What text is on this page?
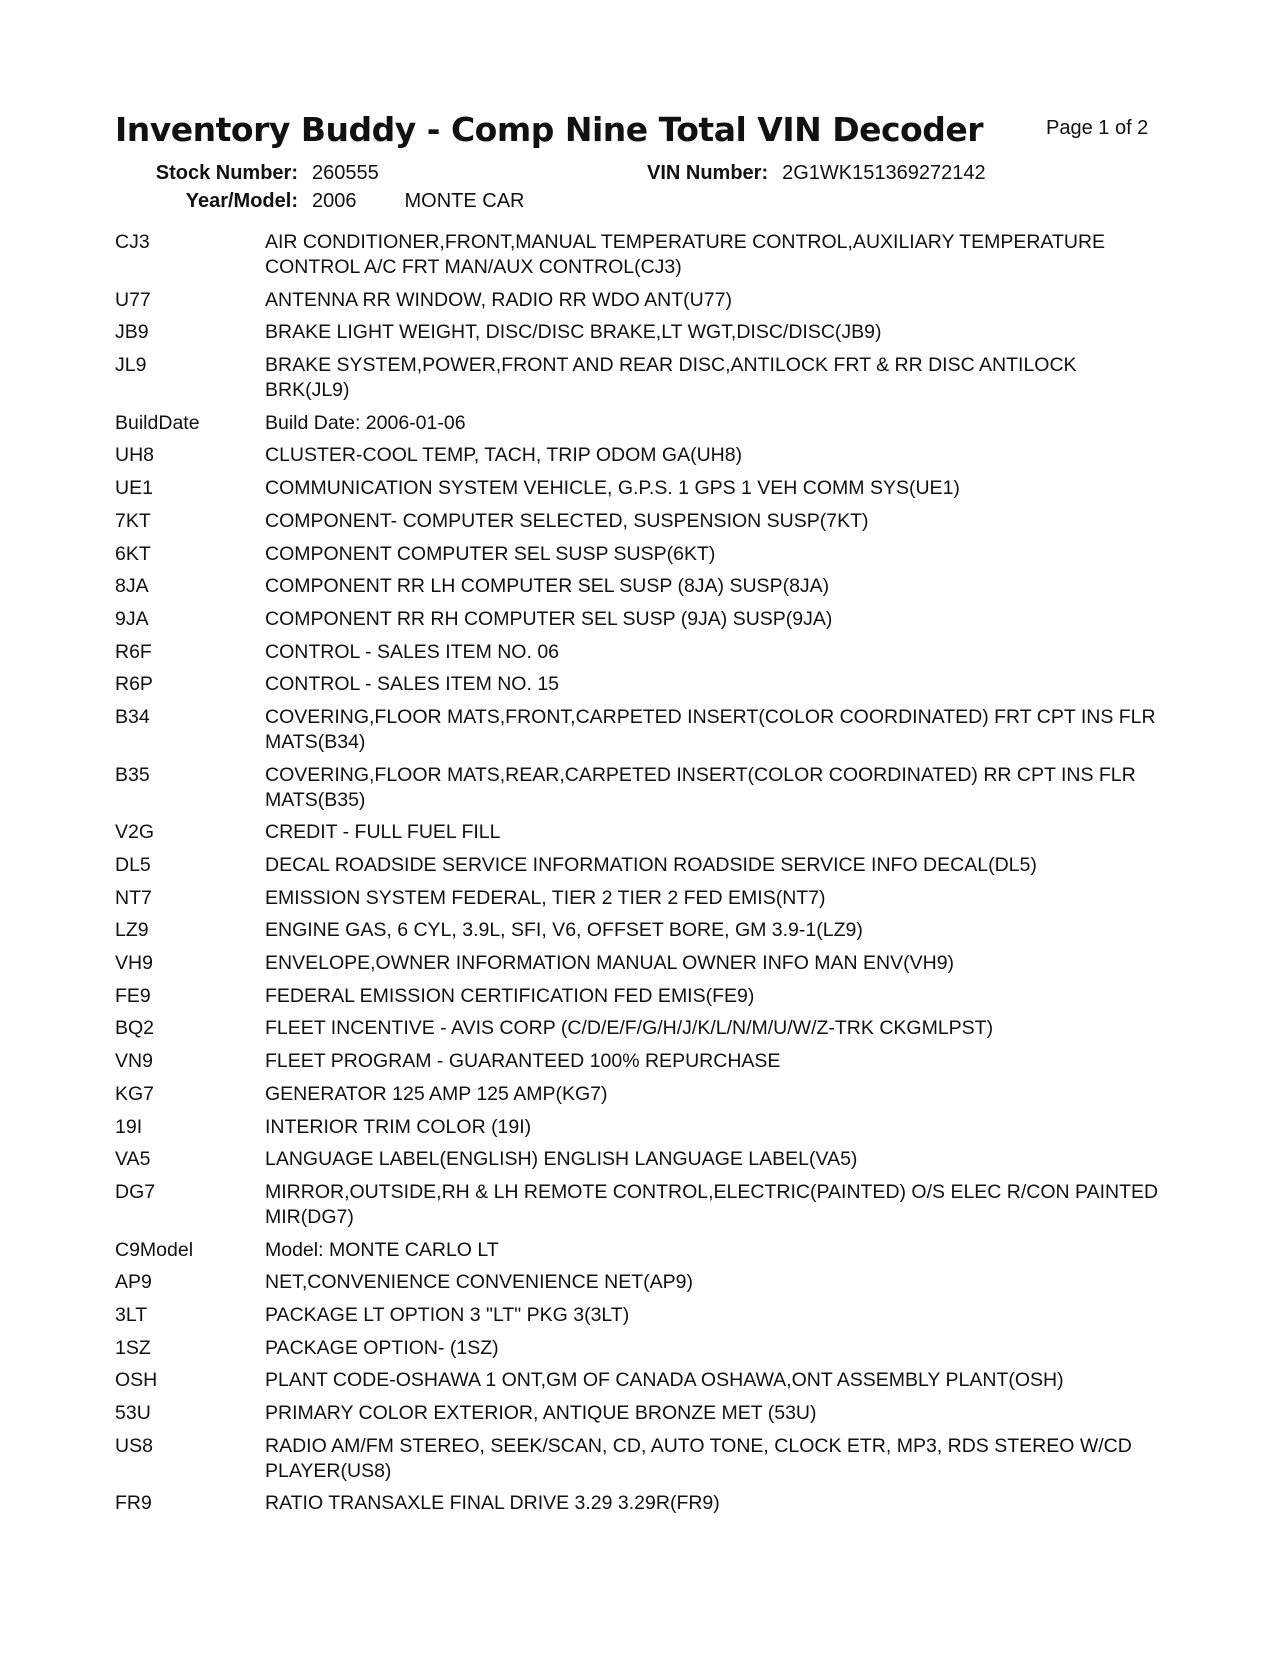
Inventory Buddy - Comp Nine Total VIN Decoder	Page 1 of 2
Stock Number: 260555	VIN Number: 2G1WK151369272142
Year/Model: 2006 MONTE CAR
CJ3	AIR CONDITIONER,FRONT,MANUAL TEMPERATURE CONTROL,AUXILIARY TEMPERATURE CONTROL A/C FRT MAN/AUX CONTROL(CJ3)
U77	ANTENNA RR WINDOW, RADIO RR WDO ANT(U77)
JB9	BRAKE LIGHT WEIGHT, DISC/DISC BRAKE,LT WGT,DISC/DISC(JB9)
JL9	BRAKE SYSTEM,POWER,FRONT AND REAR DISC,ANTILOCK FRT & RR DISC ANTILOCK BRK(JL9)
BuildDate	Build Date: 2006-01-06
UH8	CLUSTER-COOL TEMP, TACH, TRIP ODOM GA(UH8)
UE1	COMMUNICATION SYSTEM VEHICLE, G.P.S. 1 GPS 1 VEH COMM SYS(UE1)
7KT	COMPONENT- COMPUTER SELECTED, SUSPENSION SUSP(7KT)
6KT	COMPONENT COMPUTER SEL SUSP SUSP(6KT)
8JA	COMPONENT RR LH COMPUTER SEL SUSP (8JA) SUSP(8JA)
9JA	COMPONENT RR RH COMPUTER SEL SUSP (9JA) SUSP(9JA)
R6F	CONTROL - SALES ITEM NO. 06
R6P	CONTROL - SALES ITEM NO. 15
B34	COVERING,FLOOR MATS,FRONT,CARPETED INSERT(COLOR COORDINATED) FRT CPT INS FLR MATS(B34)
B35	COVERING,FLOOR MATS,REAR,CARPETED INSERT(COLOR COORDINATED) RR CPT INS FLR MATS(B35)
V2G	CREDIT - FULL FUEL FILL
DL5	DECAL ROADSIDE SERVICE INFORMATION ROADSIDE SERVICE INFO DECAL(DL5)
NT7	EMISSION SYSTEM FEDERAL, TIER 2 TIER 2 FED EMIS(NT7)
LZ9	ENGINE GAS, 6 CYL, 3.9L, SFI, V6, OFFSET BORE, GM 3.9-1(LZ9)
VH9	ENVELOPE,OWNER INFORMATION MANUAL OWNER INFO MAN ENV(VH9)
FE9	FEDERAL EMISSION CERTIFICATION FED EMIS(FE9)
BQ2	FLEET INCENTIVE - AVIS CORP (C/D/E/F/G/H/J/K/L/N/M/U/W/Z-TRK CKGMLPST)
VN9	FLEET PROGRAM - GUARANTEED 100% REPURCHASE
KG7	GENERATOR 125 AMP 125 AMP(KG7)
19I	INTERIOR TRIM COLOR (19I)
VA5	LANGUAGE LABEL(ENGLISH) ENGLISH LANGUAGE LABEL(VA5)
DG7	MIRROR,OUTSIDE,RH & LH REMOTE CONTROL,ELECTRIC(PAINTED) O/S ELEC R/CON PAINTED MIR(DG7)
C9Model	Model: MONTE CARLO LT
AP9	NET,CONVENIENCE CONVENIENCE NET(AP9)
3LT	PACKAGE LT OPTION 3 "LT" PKG 3(3LT)
1SZ	PACKAGE OPTION- (1SZ)
OSH	PLANT CODE-OSHAWA 1 ONT,GM OF CANADA OSHAWA,ONT ASSEMBLY PLANT(OSH)
53U	PRIMARY COLOR EXTERIOR, ANTIQUE BRONZE MET (53U)
US8	RADIO AM/FM STEREO, SEEK/SCAN, CD, AUTO TONE, CLOCK ETR, MP3, RDS STEREO W/CD PLAYER(US8)
FR9	RATIO TRANSAXLE FINAL DRIVE 3.29 3.29R(FR9)
